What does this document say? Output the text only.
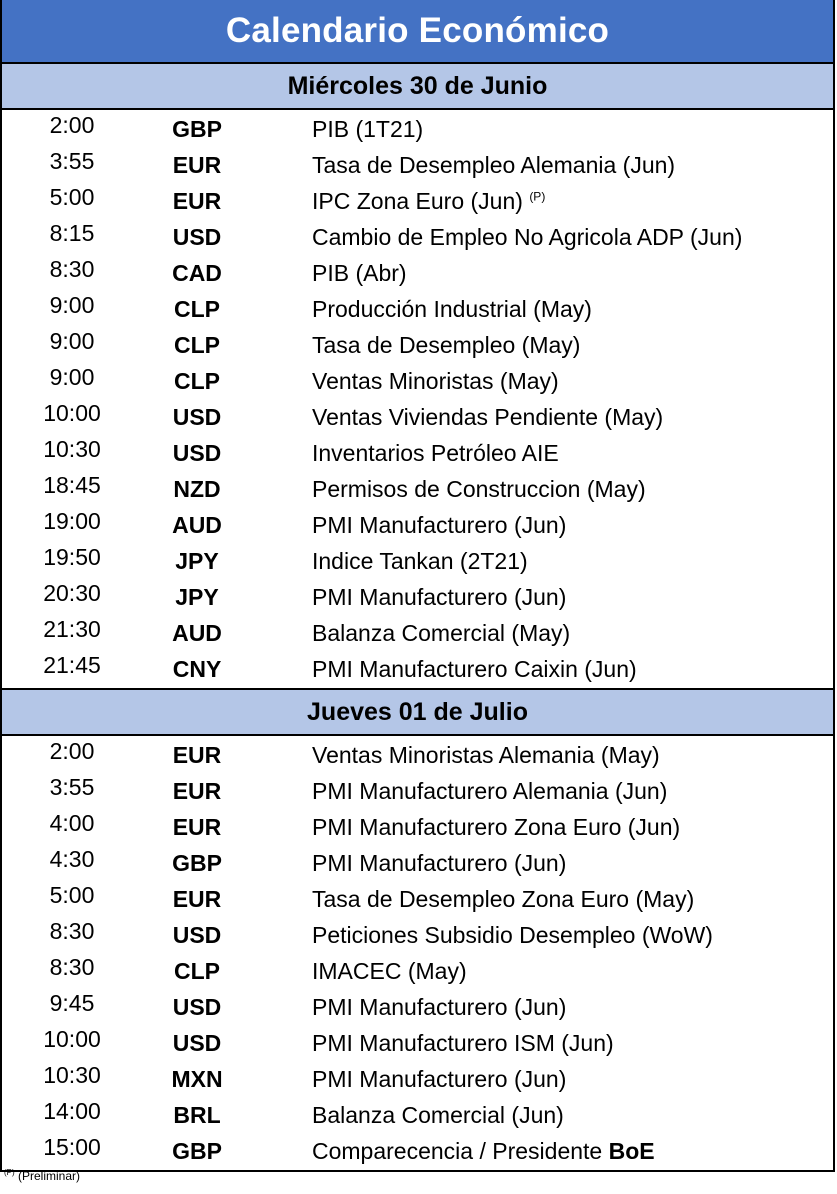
Calendario Económico
Miércoles 30 de Junio
2:00	GBP	PIB (1T21)
3:55	EUR	Tasa de Desempleo Alemania (Jun)
5:00	EUR	IPC Zona Euro (Jun) $^{(P)}$
8:15	USD	Cambio de Empleo No Agricola ADP (Jun)
8:30	CAD	PIB (Abr)
9:00	CLP	Producción Industrial (May)
9:00	CLP	Tasa de Desempleo (May)
9:00	CLP	Ventas Minoristas (May)
10:00	USD	Ventas Viviendas Pendiente (May)
10:30	USD	Inventarios Petróleo AIE
18:45	NZD	Permisos de Construccion (May)
19:00	AUD	PMI Manufacturero (Jun)
19:50	JPY	Indice Tankan (2T21)
20:30	JPY	PMI Manufacturero (Jun)
21:30	AUD	Balanza Comercial (May)
21:45	CNY	PMI Manufacturero Caixin (Jun)
Jueves 01 de Julio
2:00	EUR	Ventas Minoristas Alemania (May)
3:55	EUR	PMI Manufacturero Alemania (Jun)
4:00	EUR	PMI Manufacturero Zona Euro (Jun)
4:30	GBP	PMI Manufacturero (Jun)
5:00	EUR	Tasa de Desempleo Zona Euro (May)
8:30	USD	Peticiones Subsidio Desempleo (WoW)
8:30	CLP	IMACEC (May)
9:45	USD	PMI Manufacturero (Jun)
10:00	USD	PMI Manufacturero ISM (Jun)
10:30	MXN	PMI Manufacturero (Jun)
14:00	BRL	Balanza Comercial (Jun)
15:00	GBP	Comparecencia / Presidente BoE
$^{(P)}$ (Preliminar)
